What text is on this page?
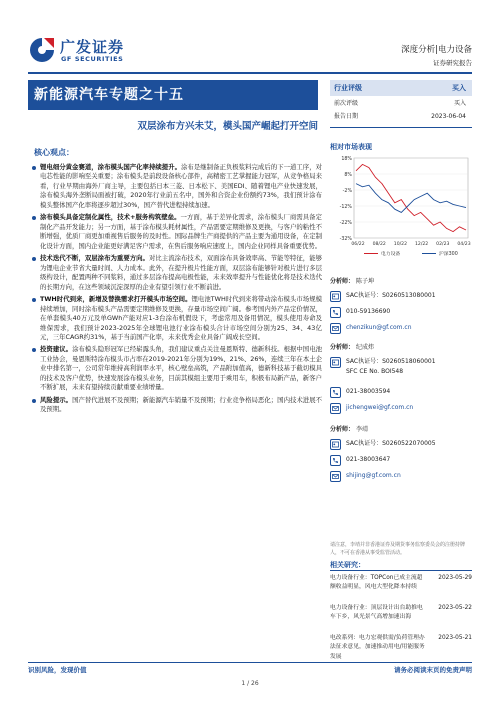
广发证券
GF SECURITIES
深度分析|电力设备
证券研究报告
新能源汽车专题之十五
双层涂布方兴未艾，模头国产崛起打开空间
核心观点：
锂电细分黄金赛道，涂布模头国产化率持续提升。涂布是继制备正负极浆料完成后的下一道工序，对电芯性能的影响至关重要；涂布模头是前段设备核心部件，高精密工艺掌握能力冠军，从竞争格局来看，行业早期由海外厂商主导，主要包括日本三菱、日本松下、美国EDI、随着锂电产业快速发展，涂布模头海外垄断局面被打破，2020年行业前五名中，国外和合资企业份额约73%，我们预计涂布模头整体国产化率将逐步超过30%，国产替代进程持续加速。
涂布模头具备定制化属性，技术+服务构筑壁垒。一方面，基于差异化需求，涂布模头厂商需具备定制化产品开发能力；另一方面，基于涂布模头耗材属性，产品需要定期维修及更换，与客户的粘性不断增强，优质厂商更加重视售后服务的及时性。国际品牌生产商提供的产品主要为通用设备，在定制化设计方面，国内企业能更好满足客户需求，在售后服务响应速度上，国内企业同样具备重要优势。
技术迭代不断，双层涂布为重要方向。对比主流涂布技术，双面涂布具备效率高、节能等特征，能够为锂电企业节省大量时间、人力成本。此外，在提升极片性能方面，双层涂布能够针对极片进行多层级构设计，配置两种不同浆料，通过多层涂布提高电极性能，未来效率提升与性能优化将是技术迭代的长期方向，在这些领域沉淀深厚的企业有望引领行业不断前进。
TWH时代到来，新增及替换需求打开模头市场空间。锂电池TWH时代到来将带动涂布模头市场规模持续增加，同时涂布模头产品需要定期维修及更换，存量市场空间广阔。参考国内外产品定价情况，在单套模头40万元及单GWh产能对应1-3台涂布机假设下，考虑常用及备用情况，模头使用寿命及维保需求，我们预计2023-2025年全球锂电池行业涂布模头合计市场空间分别为25、34、43亿元，三年CAGR约31%，基于当前国产化率，未来优秀企业具备广阔成长空间。
投资建议。涂布模头隐形冠军已经崭露头角，我们建议重点关注曼恩斯特、德新科技。根据中国电池工业协会，曼恩斯特涂布模头市占率在2019-2021年分别为19%、21%、26%，连续三年在本土企业中排名第一，公司常年维持高利润率水平，核心壁垒高筑，产品附加值高，德新科技基于截切模具的技术及客户优势，快速发展涂布模头业务，目前其模组主要用于乘用车，积极布局新产品，新客户不断扩展，未来有望持续贡献重要业绩增量。
风险提示。国产替代进展不及预期；新能源汽车销量不及预期；行业竞争格局恶化；国内技术进展不及预期。
行业评级	买入
前次评级	买入
报告日期	2023-06-04
相对市场表现
-32%
-22%
-12%
-2%
8%
18%
06/22 08/22 10/22 12/22 02/23 04/23
电力设备	沪深300
分析师： 陈子坤
SAC执证号：S0260513080001
010-59136690
chenzikun@gf.com.cn
分析师： 纪成炜
SAC执证号：S0260518060001
SFC CE No. BOI548
021-38003594
jichengwei@gf.com.cn
分析师： 李靖
SAC执证号：S0260522070005
021-38003647
shijing@gf.com.cn
请注意，李靖并非香港证券及期货事务监察委员会的注册持牌人，不可在香港从事受监管活动。
相关研究：
电力设备行业：TOPCon已成主流超额收益明显，风电大型化降本持续
2023-05-29
电力设备行业：顶层设计出台助推电车下乡，风光景气高增加速出海
2023-05-22
电改系列：电力宏观供需/负荷管理办法征求意见，加速推动用电/用能服务发展
2023-05-21
识别风险，发现价值	请务必阅读末页的免责声明
1 / 26
